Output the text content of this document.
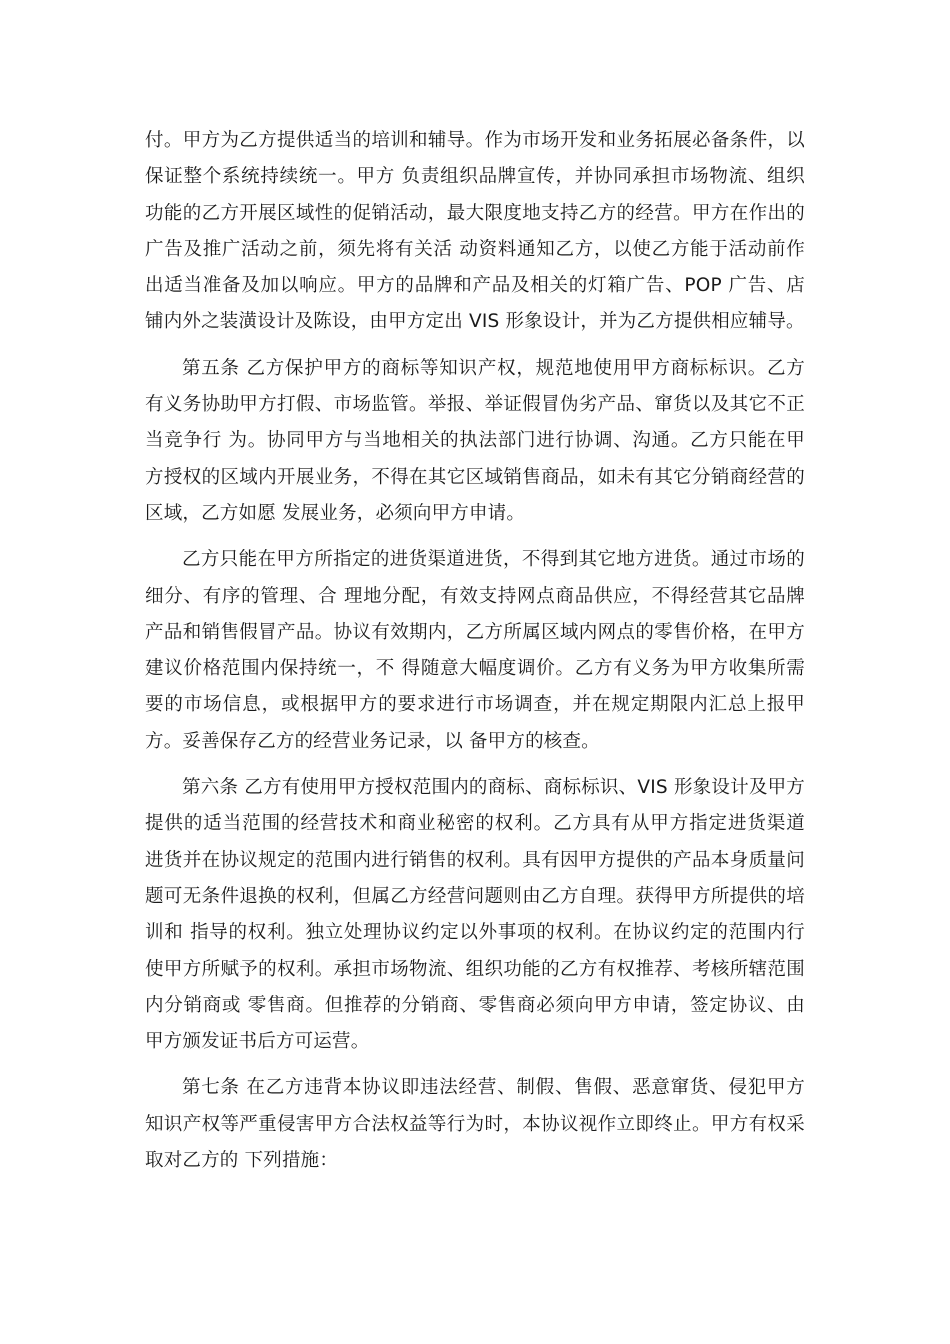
付。甲方为乙方提供适当的培训和辅导。作为市场开发和业务拓展必备条件，以保证整个系统持续统一。甲方 负责组织品牌宣传，并协同承担市场物流、组织功能的乙方开展区域性的促销活动，最大限度地支持乙方的经营。甲方在作出的广告及推广活动之前，须先将有关活 动资料通知乙方，以使乙方能于活动前作出适当准备及加以响应。甲方的品牌和产品及相关的灯箱广告、POP 广告、店铺内外之装潢设计及陈设，由甲方定出 VIS 形象设计，并为乙方提供相应辅导。

第五条 乙方保护甲方的商标等知识产权，规范地使用甲方商标标识。乙方有义务协助甲方打假、市场监管。举报、举证假冒伪劣产品、窜货以及其它不正当竞争行 为。协同甲方与当地相关的执法部门进行协调、沟通。乙方只能在甲方授权的区域内开展业务，不得在其它区域销售商品，如未有其它分销商经营的区域，乙方如愿 发展业务，必须向甲方申请。

乙方只能在甲方所指定的进货渠道进货，不得到其它地方进货。通过市场的细分、有序的管理、合 理地分配，有效支持网点商品供应，不得经营其它品牌产品和销售假冒产品。协议有效期内，乙方所属区域内网点的零售价格，在甲方建议价格范围内保持统一，不 得随意大幅度调价。乙方有义务为甲方收集所需要的市场信息，或根据甲方的要求进行市场调查，并在规定期限内汇总上报甲方。妥善保存乙方的经营业务记录，以 备甲方的核查。

第六条 乙方有使用甲方授权范围内的商标、商标标识、VIS 形象设计及甲方提供的适当范围的经营技术和商业秘密的权利。乙方具有从甲方指定进货渠道 进货并在协议规定的范围内进行销售的权利。具有因甲方提供的产品本身质量问题可无条件退换的权利，但属乙方经营问题则由乙方自理。获得甲方所提供的培训和 指导的权利。独立处理协议约定以外事项的权利。在协议约定的范围内行使甲方所赋予的权利。承担市场物流、组织功能的乙方有权推荐、考核所辖范围内分销商或 零售商。但推荐的分销商、零售商必须向甲方申请，签定协议、由甲方颁发证书后方可运营。

第七条 在乙方违背本协议即违法经营、制假、售假、恶意窜货、侵犯甲方知识产权等严重侵害甲方合法权益等行为时，本协议视作立即终止。甲方有权采取对乙方的 下列措施：
